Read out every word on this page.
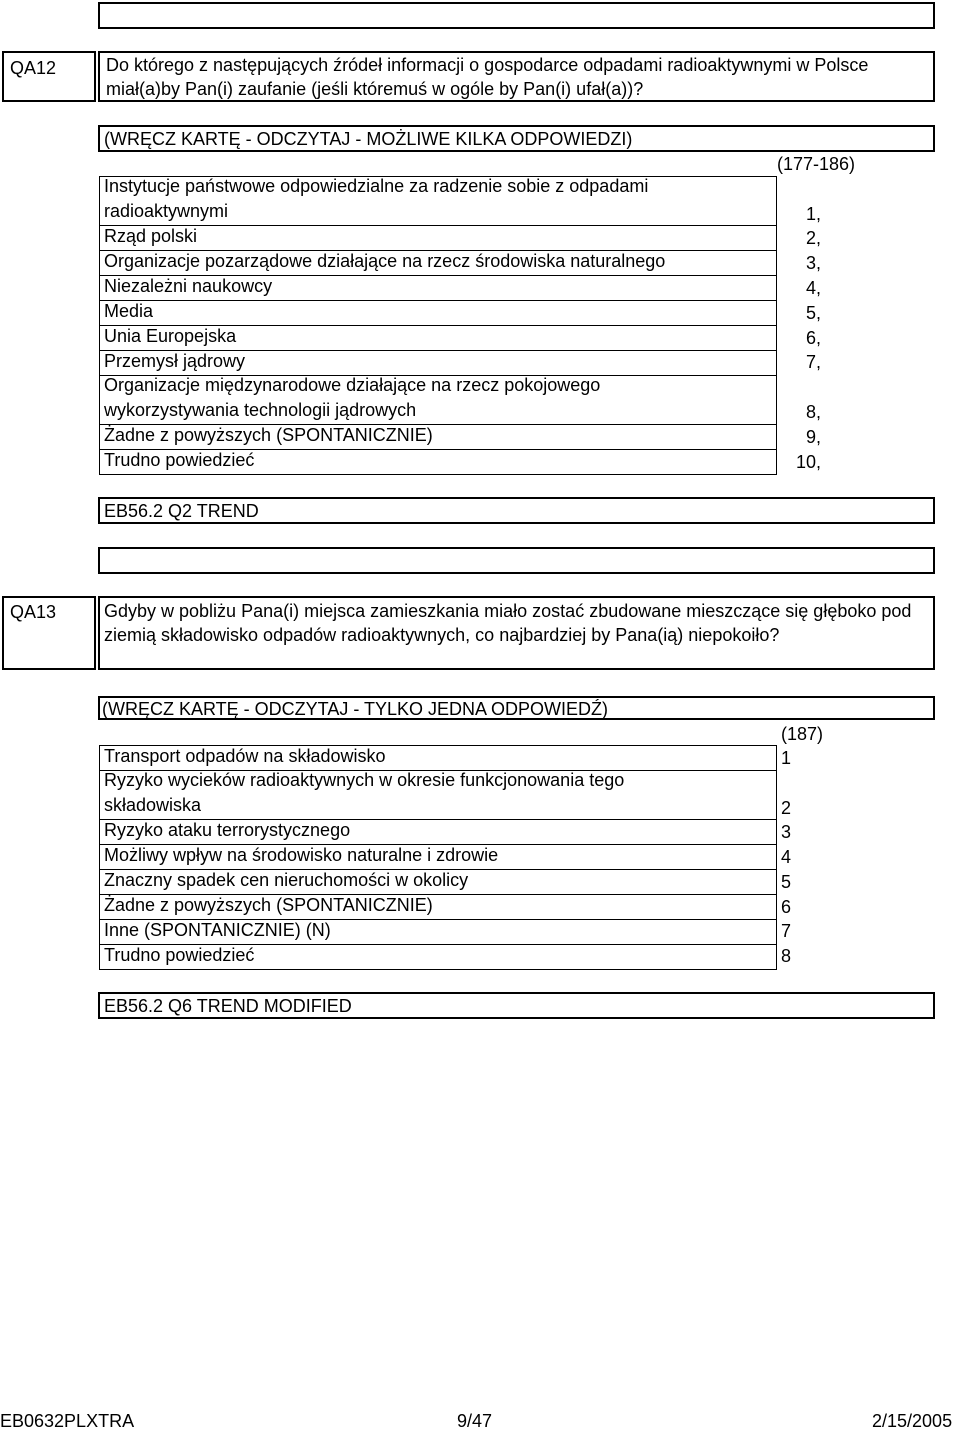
QA12	Do którego z następujących źródeł informacji o gospodarce odpadami radioaktywnymi w Polsce miał(a)by Pan(i) zaufanie (jeśli któremuś w ogóle by Pan(i) ufał(a))?
(WRĘCZ KARTĘ - ODCZYTAJ - MOŻLIWE KILKA ODPOWIEDZI)
(177-186)
Instytucje państwowe odpowiedzialne za radzenie sobie z odpadami radioaktywnymi	1,
Rząd polski	2,
Organizacje pozarządowe działające na rzecz środowiska naturalnego	3,
Niezależni naukowcy	4,
Media	5,
Unia Europejska	6,
Przemysł jądrowy	7,
Organizacje międzynarodowe działające na rzecz pokojowego wykorzystywania technologii jądrowych	8,
Żadne z powyższych (SPONTANICZNIE)	9,
Trudno powiedzieć	10,
EB56.2 Q2 TREND
QA13	Gdyby w pobliżu Pana(i) miejsca zamieszkania miało zostać zbudowane mieszczące się głęboko pod ziemią składowisko odpadów radioaktywnych, co najbardziej by Pana(ią) niepokoiło?
(WRĘCZ KARTĘ - ODCZYTAJ - TYLKO JEDNA ODPOWIEDŹ)
(187)
Transport odpadów na składowisko	1
Ryzyko wycieków radioaktywnych w okresie funkcjonowania tego składowiska	2
Ryzyko ataku terrorystycznego	3
Możliwy wpływ na środowisko naturalne i zdrowie	4
Znaczny spadek cen nieruchomości w okolicy	5
Żadne z powyższych (SPONTANICZNIE)	6
Inne (SPONTANICZNIE) (N)	7
Trudno powiedzieć	8
EB56.2 Q6 TREND MODIFIED
EB0632PLXTRA	9/47	2/15/2005
